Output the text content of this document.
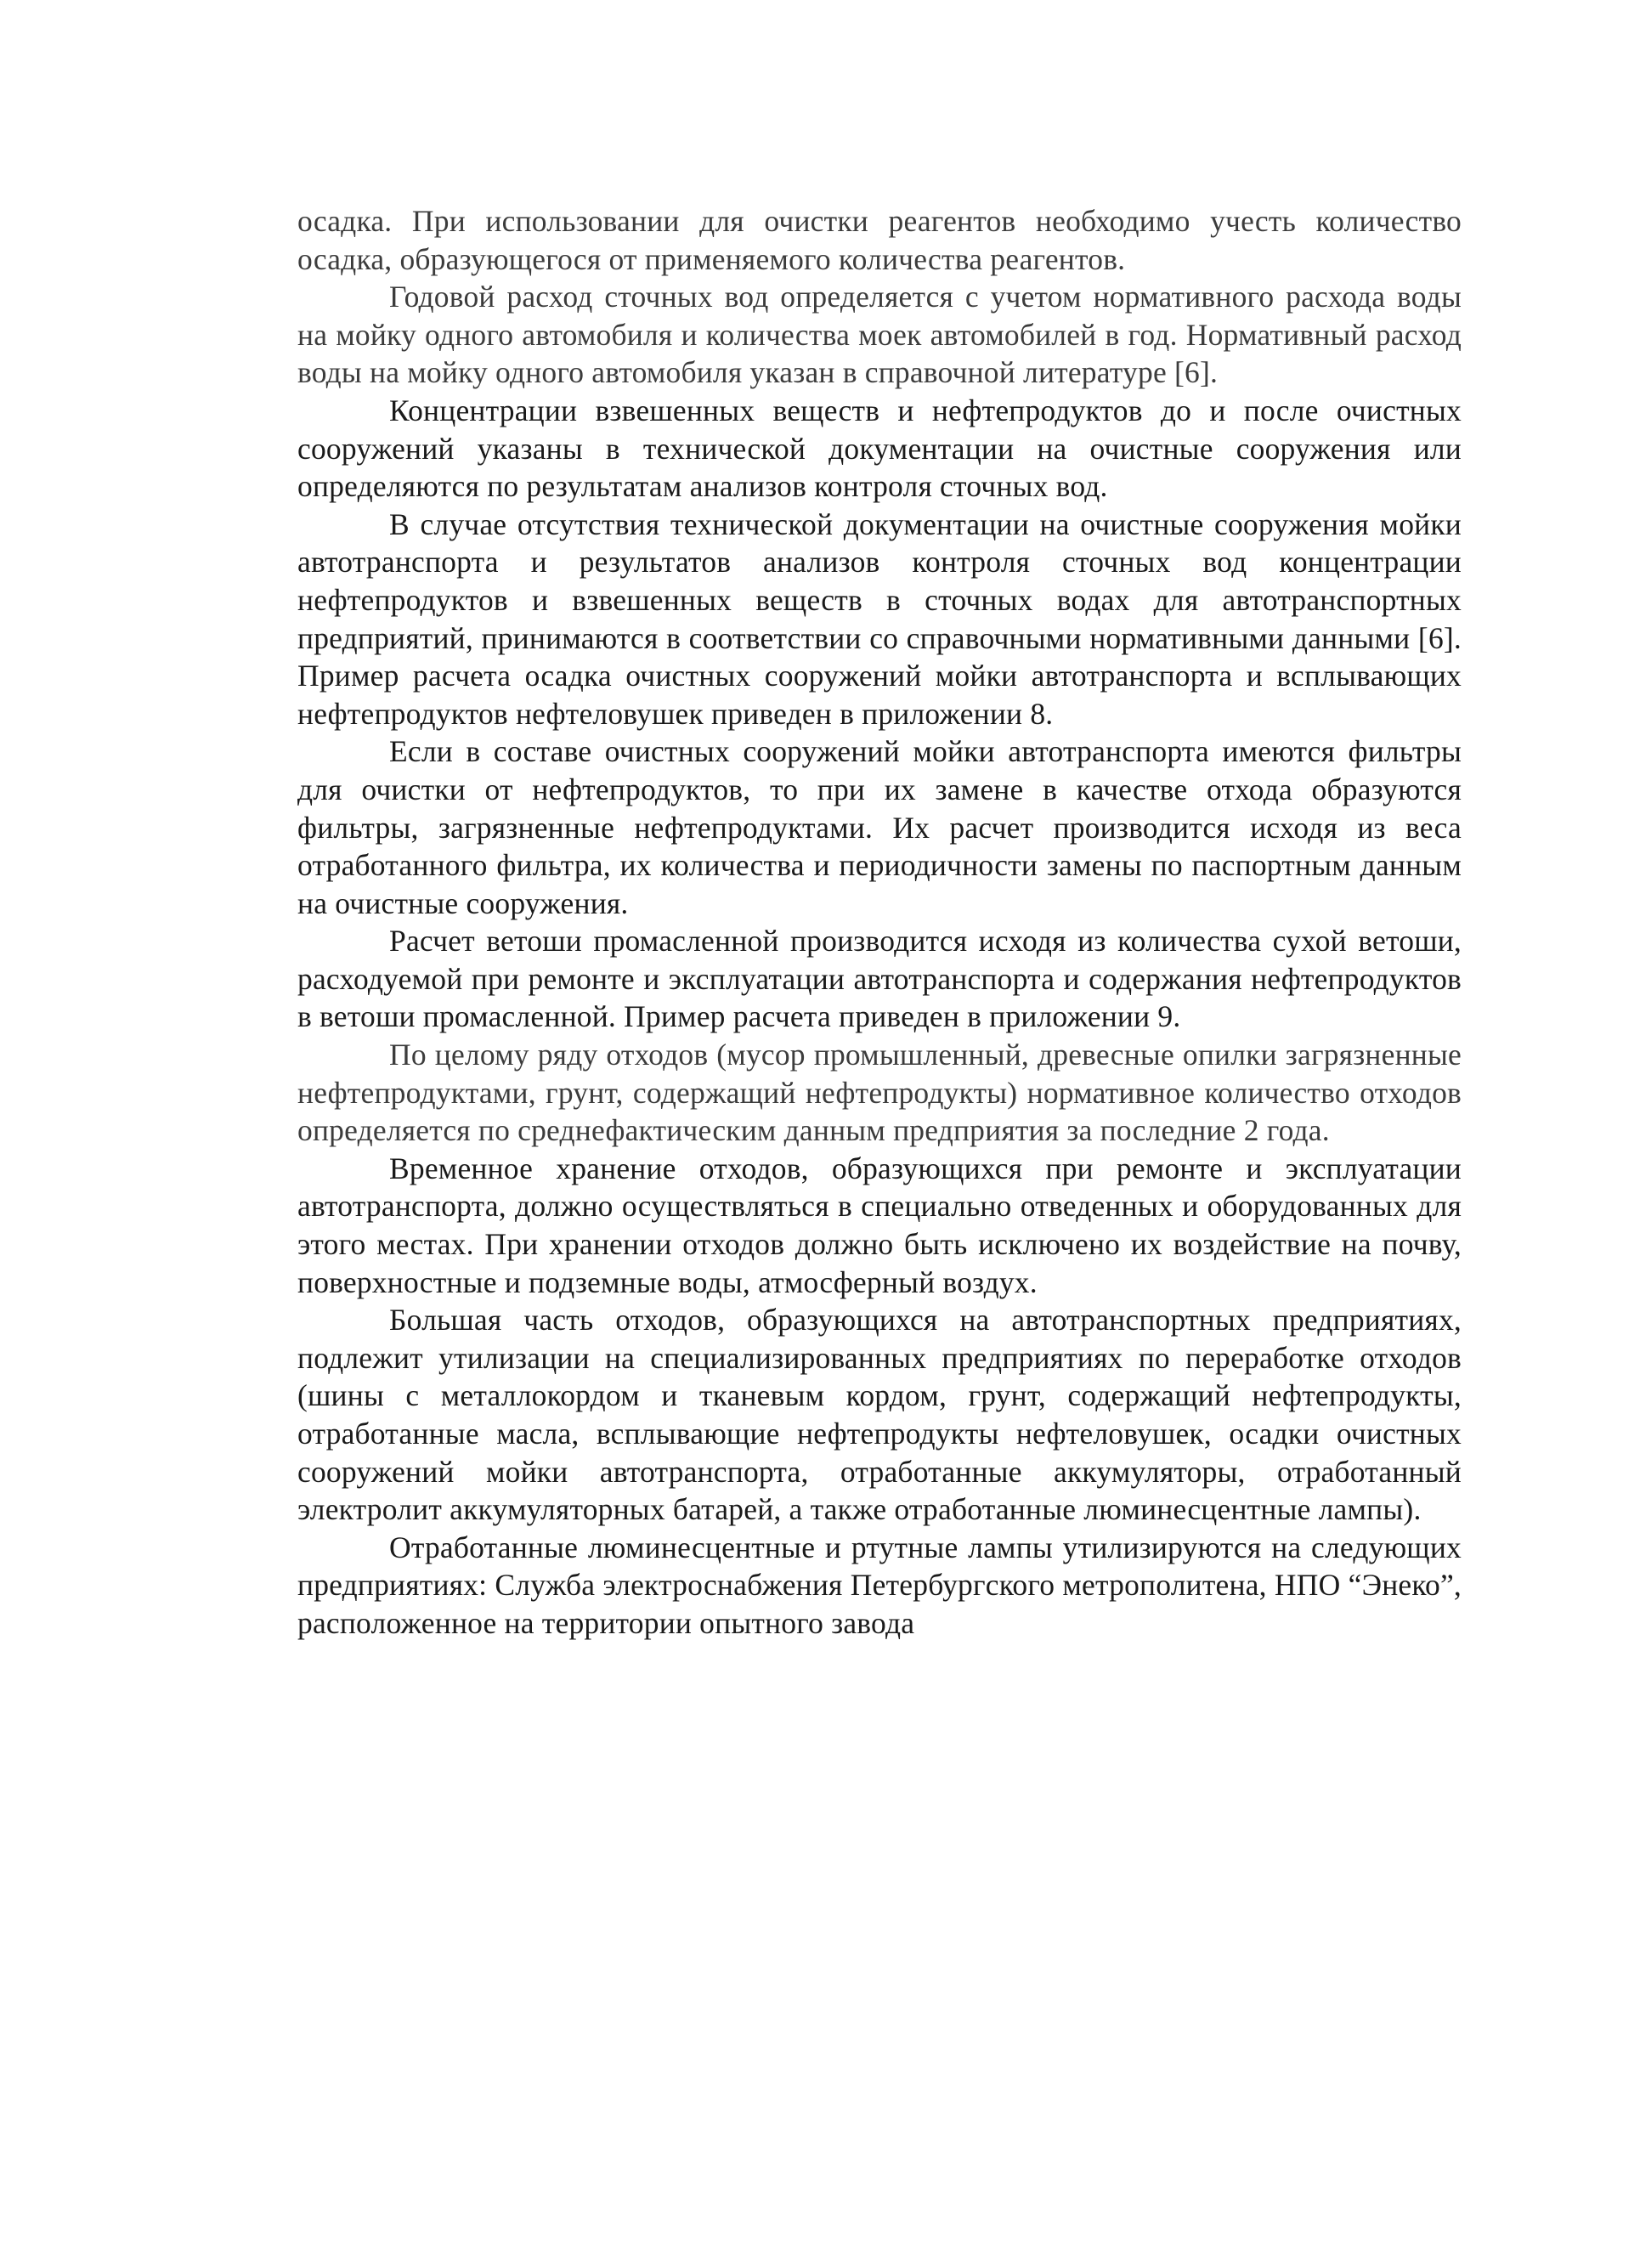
осадка. При использовании для очистки реагентов необходимо учесть количество осадка, образующегося от применяемого количества реагентов.

Годовой расход сточных вод определяется с учетом нормативного расхода воды на мойку одного автомобиля и количества моек автомобилей в год. Нормативный расход воды на мойку одного автомобиля указан в справочной литературе [6].

Концентрации взвешенных веществ и нефтепродуктов до и после очистных сооружений указаны в технической документации на очистные сооружения или определяются по результатам анализов контроля сточных вод.

В случае отсутствия технической документации на очистные сооружения мойки автотранспорта и результатов анализов контроля сточных вод концентрации нефтепродуктов и взвешенных веществ в сточных водах для автотранспортных предприятий, принимаются в соответствии со справочными нормативными данными [6]. Пример расчета осадка очистных сооружений мойки автотранспорта и всплывающих нефтепродуктов нефтеловушек приведен в приложении 8.

Если в составе очистных сооружений мойки автотранспорта имеются фильтры для очистки от нефтепродуктов, то при их замене в качестве отхода образуются фильтры, загрязненные нефтепродуктами. Их расчет производится исходя из веса отработанного фильтра, их количества и периодичности замены по паспортным данным на очистные сооружения.

Расчет ветоши промасленной производится исходя из количества сухой ветоши, расходуемой при ремонте и эксплуатации автотранспорта и содержания нефтепродуктов в ветоши промасленной. Пример расчета приведен в приложении 9.

По целому ряду отходов (мусор промышленный, древесные опилки загрязненные нефтепродуктами, грунт, содержащий нефтепродукты) нормативное количество отходов определяется по среднефактическим данным предприятия за последние 2 года.

Временное хранение отходов, образующихся при ремонте и эксплуатации автотранспорта, должно осуществляться в специально отведенных и оборудованных для этого местах. При хранении отходов должно быть исключено их воздействие на почву, поверхностные и подземные воды, атмосферный воздух.

Большая часть отходов, образующихся на автотранспортных предприятиях, подлежит утилизации на специализированных предприятиях по переработке отходов (шины с металлокордом и тканевым кордом, грунт, содержащий нефтепродукты, отработанные масла, всплывающие нефтепродукты нефтеловушек, осадки очистных сооружений мойки автотранспорта, отработанные аккумуляторы, отработанный электролит аккумуляторных батарей, а также отработанные люминесцентные лампы).

Отработанные люминесцентные и ртутные лампы утилизируются на следующих предприятиях: Служба электроснабжения Петербургского метрополитена, НПО “Энеко”, расположенное на территории опытного завода
